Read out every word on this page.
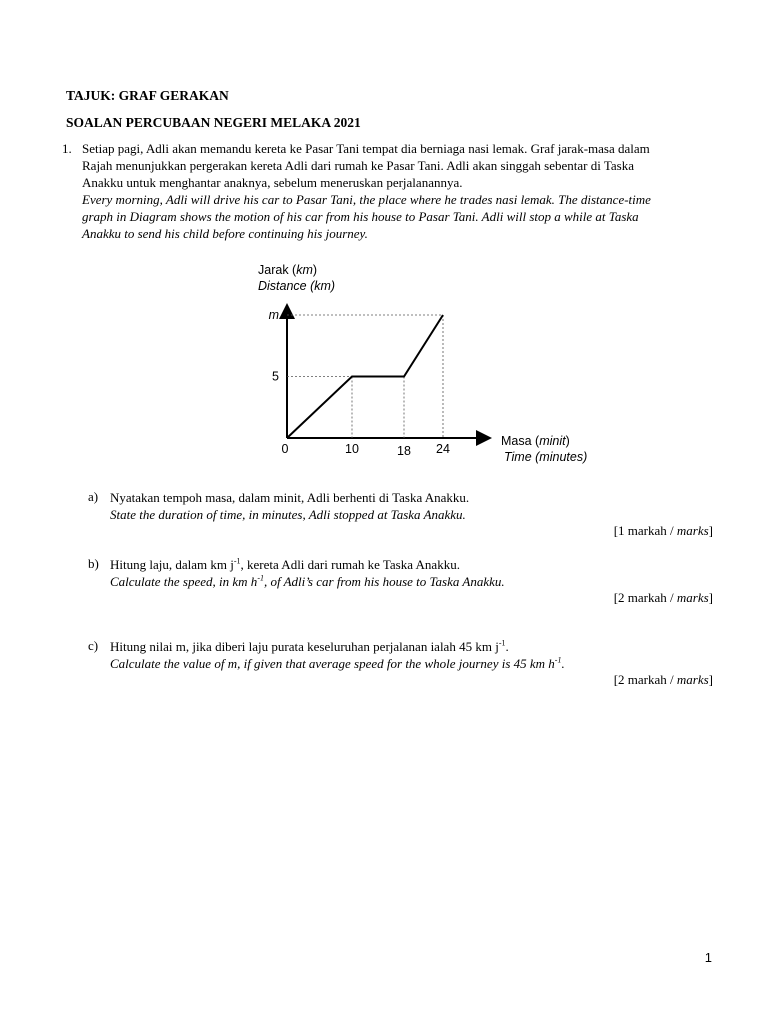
TAJUK: GRAF GERAKAN
SOALAN PERCUBAAN NEGERI MELAKA 2021
1. Setiap pagi, Adli akan memandu kereta ke Pasar Tani tempat dia berniaga nasi lemak. Graf jarak-masa dalam
Rajah menunjukkan pergerakan kereta Adli dari rumah ke Pasar Tani. Adli akan singgah sebentar di Taska
Anakku untuk menghantar anaknya, sebelum meneruskan perjalanannya.
Every morning, Adli will drive his car to Pasar Tani, the place where he trades nasi lemak. The distance-time
graph in Diagram shows the motion of his car from his house to Pasar Tani. Adli will stop a while at Taska
Anakku to send his child before continuing his journey.
Jarak (km)
Distance (km)
Masa (minit)
Time (minutes)
0	10	18 24
5
m
a) Nyatakan tempoh masa, dalam minit, Adli berhenti di Taska Anakku.
State the duration of time, in minutes, Adli stopped at Taska Anakku.
[1 markah / marks]
b) Hitung laju, dalam km $j^{-1}$, kereta Adli dari rumah ke Taska Anakku.
Calculate the speed, in km $h^{-1}$, of Adli’s car from his house to Taska Anakku.
[2 markah / marks]
c) Hitung nilai m, jika diberi laju purata keseluruhan perjalanan ialah 45 km $j^{-1}$.
Calculate the value of m, if given that average speed for the whole journey is 45 km $h^{-1}$.
[2 markah / marks]
1
